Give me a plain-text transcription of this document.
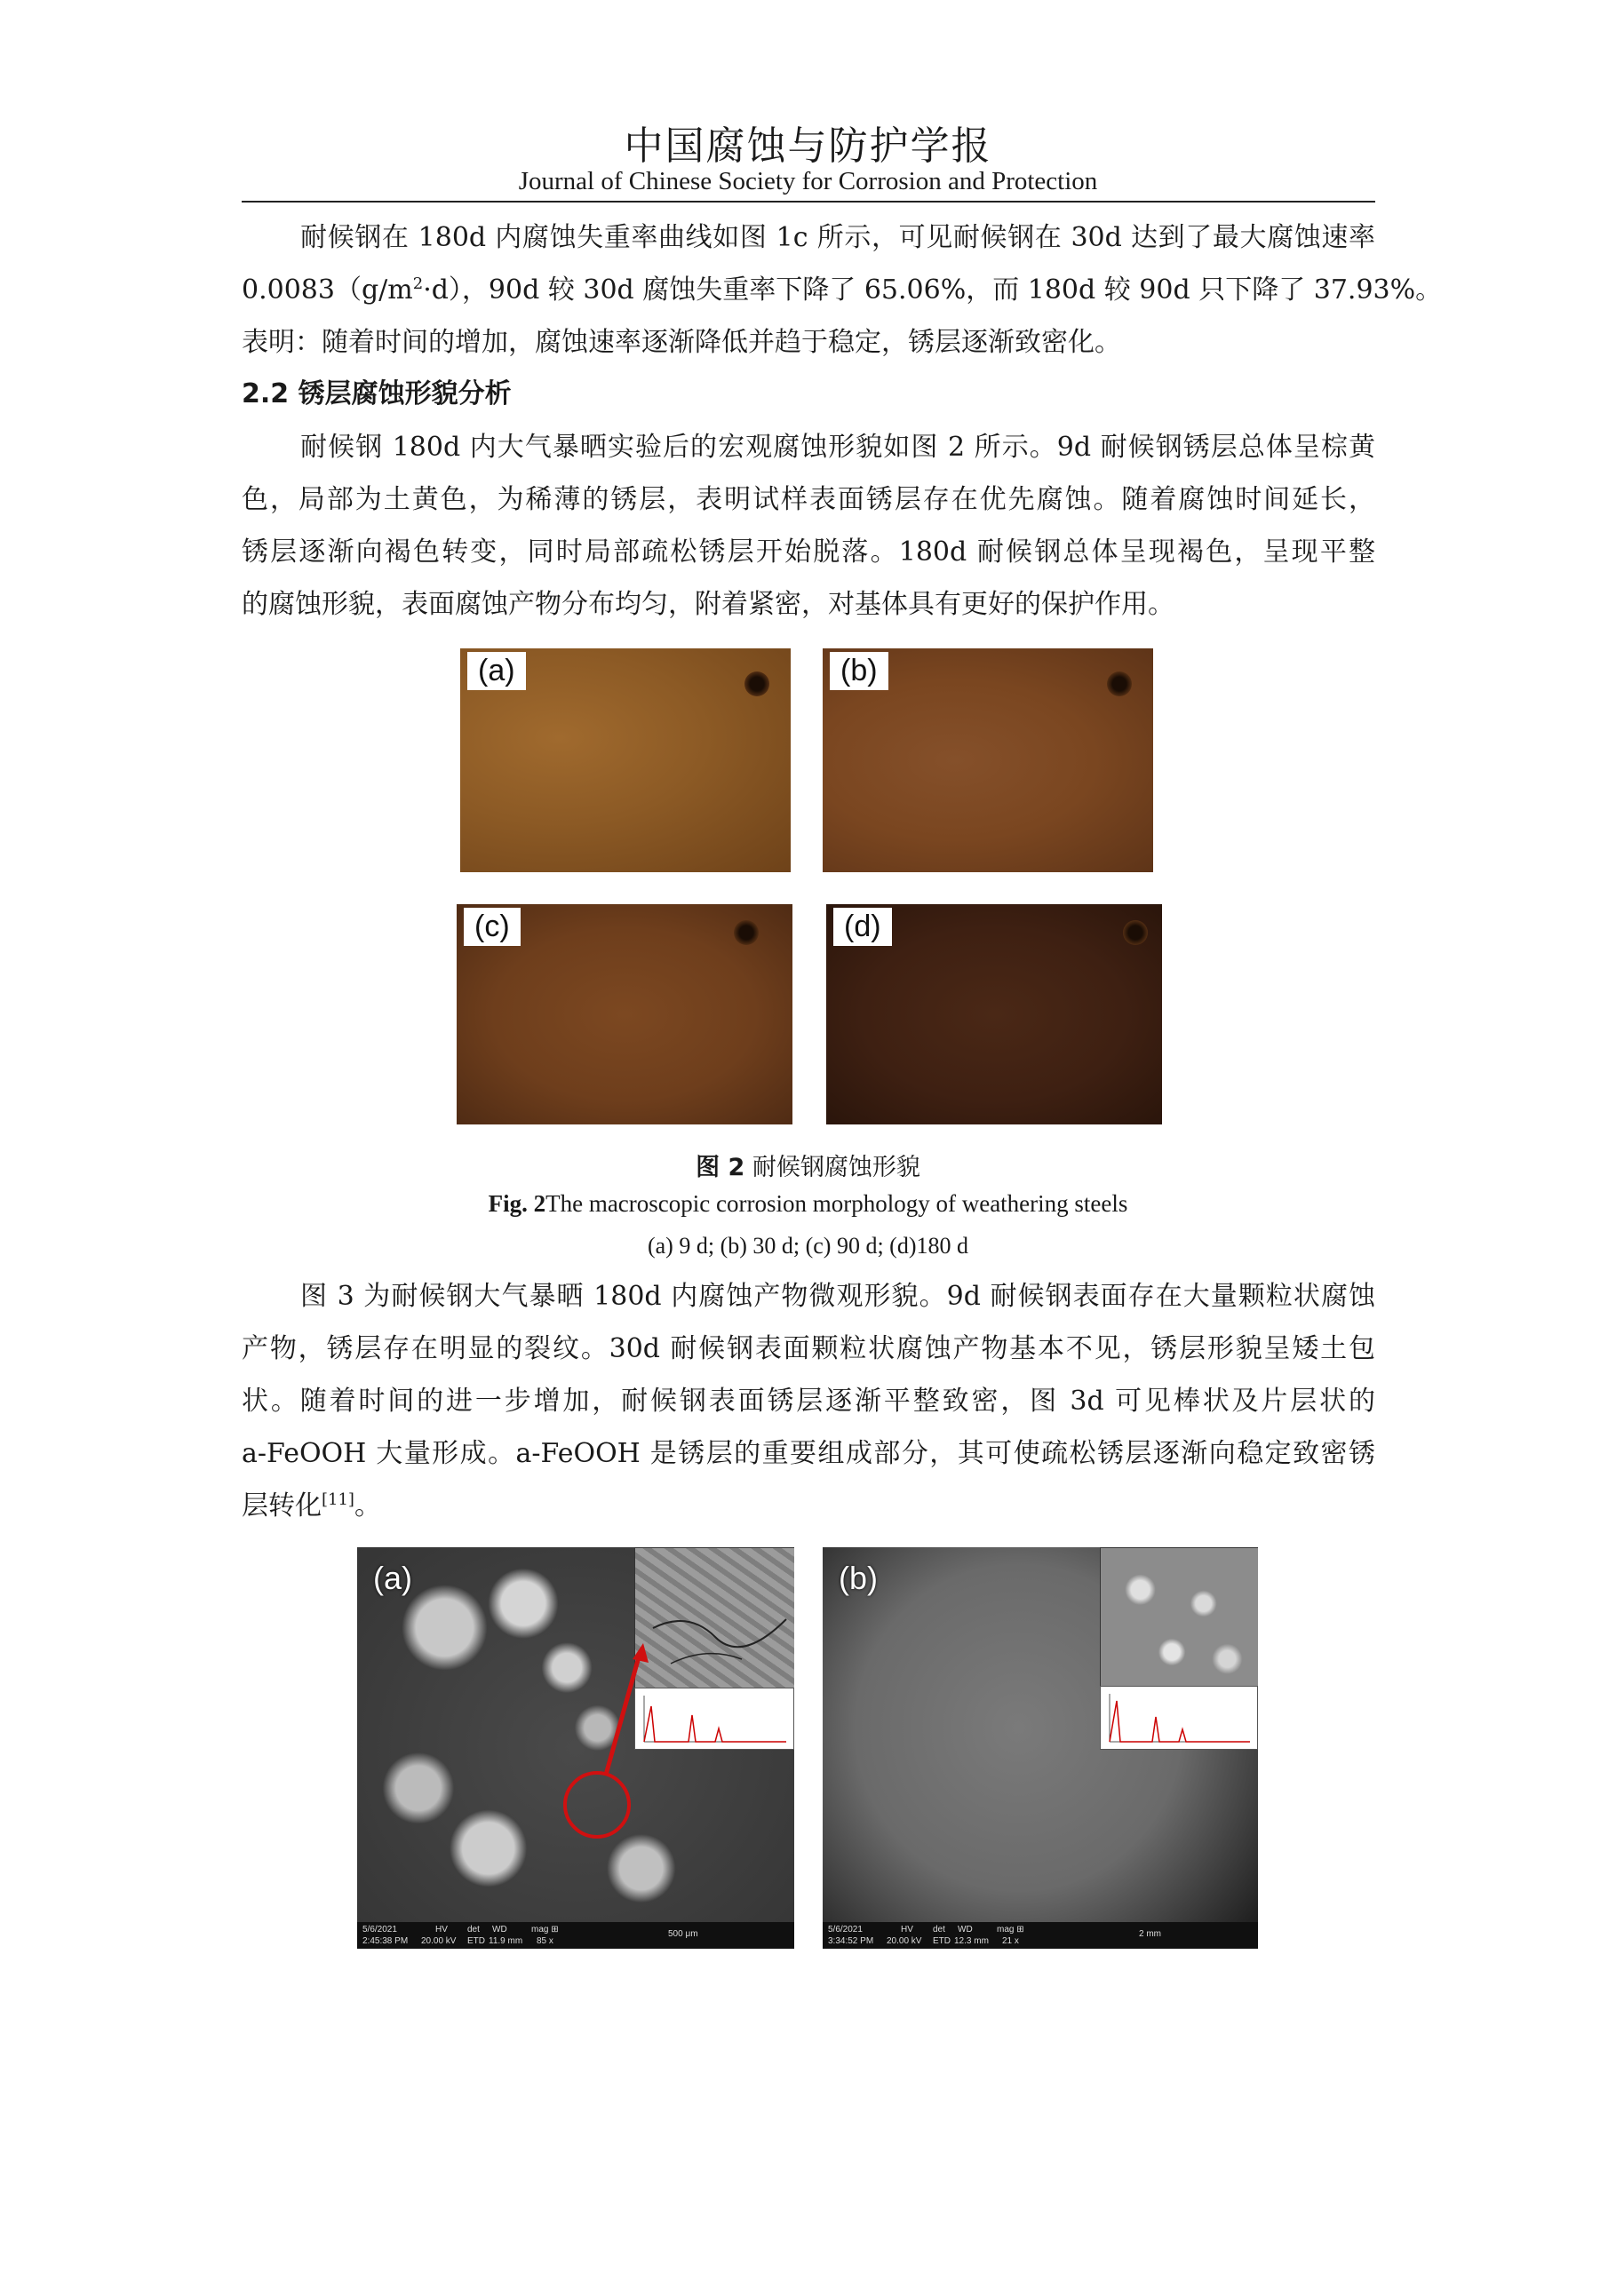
中国腐蚀与防护学报
Journal of Chinese Society for Corrosion and Protection
耐候钢在 180d 内腐蚀失重率曲线如图 1c 所示，可见耐候钢在 30d 达到了最大腐蚀速率
$0.0083(g/m^2\cdot d)$，90d 较 30d 腐蚀失重率下降了 65.06%，而 180d 较 90d 只下降了 37.93%。
表明：随着时间的增加，腐蚀速率逐渐降低并趋于稳定，锈层逐渐致密化。
2.2 锈层腐蚀形貌分析
耐候钢 180d 内大气暴晒实验后的宏观腐蚀形貌如图 2 所示。9d 耐候钢锈层总体呈棕黄
色，局部为土黄色，为稀薄的锈层，表明试样表面锈层存在优先腐蚀。随着腐蚀时间延长，
锈层逐渐向褐色转变，同时局部疏松锈层开始脱落。180d 耐候钢总体呈现褐色，呈现平整
的腐蚀形貌，表面腐蚀产物分布均匀，附着紧密，对基体具有更好的保护作用。
(a)	(b)
(c)	(d)
图 2 耐候钢腐蚀形貌
Fig. 2The macroscopic corrosion morphology of weathering steels
(a) 9 d; (b) 30 d; (c) 90 d; (d)180 d
图 3 为耐候钢大气暴晒 180d 内腐蚀产物微观形貌。9d 耐候钢表面存在大量颗粒状腐蚀
产物，锈层存在明显的裂纹。30d 耐候钢表面颗粒状腐蚀产物基本不见，锈层形貌呈矮土包
状。随着时间的进一步增加，耐候钢表面锈层逐渐平整致密，图 3d 可见棒状及片层状的
a-FeOOH 大量形成。a-FeOOH 是锈层的重要组成部分，其可使疏松锈层逐渐向稳定致密锈
层转化[11]。
(a)
5/6/2021
2:45:38 PM
HV
20.00 kV
det
ETD
WD
11.9 mm
mag ⊞
85 x
500 μm
(b)
5/6/2021
3:34:52 PM
HV
20.00 kV
det
ETD
WD
12.3 mm
mag ⊞
21 x
2 mm
